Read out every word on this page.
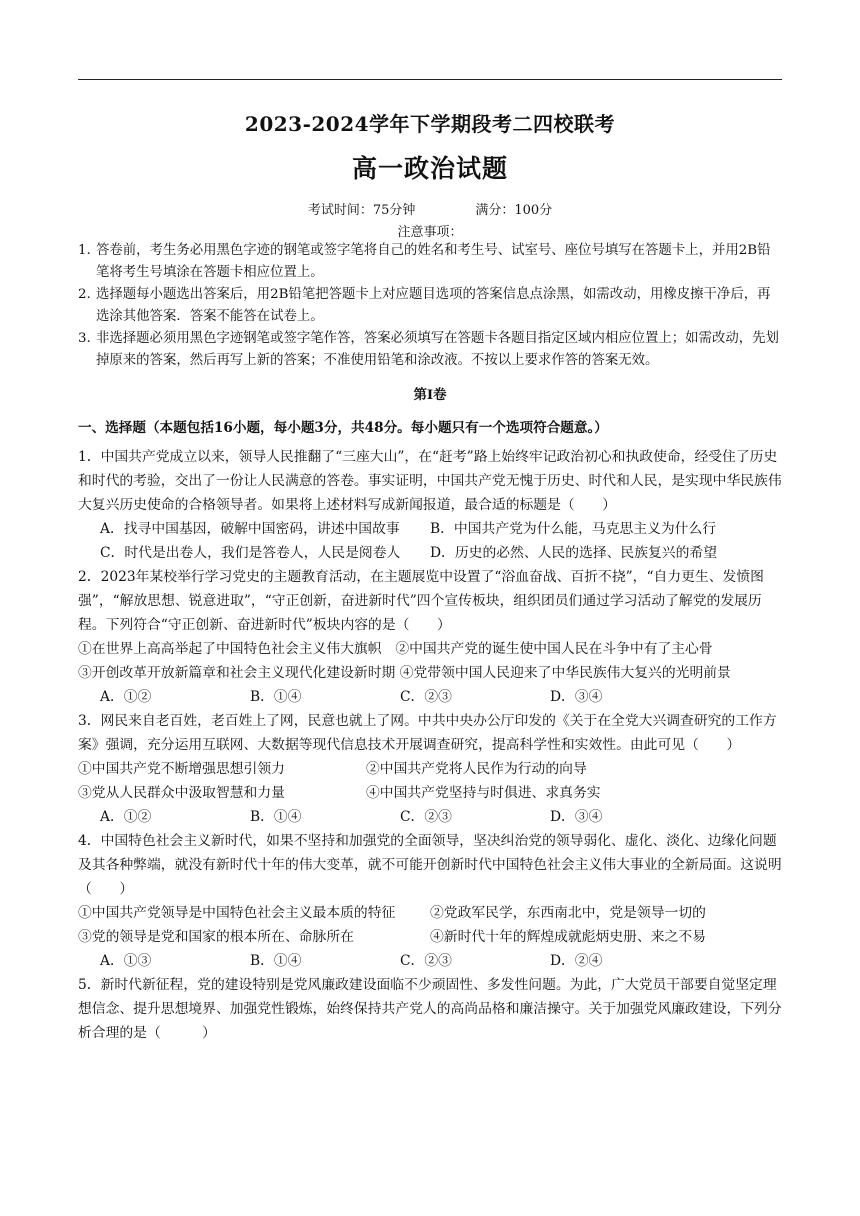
2023-2024学年下学期段考二四校联考
高一政治试题
考试时间：75分钟	满分：100分
注意事项：
1. 答卷前，考生务必用黑色字迹的钢笔或签字笔将自己的姓名和考生号、试室号、座位号填写在答题卡上，并用2B铅笔将考生号填涂在答题卡相应位置上。
2. 选择题每小题选出答案后，用2B铅笔把答题卡上对应题目选项的答案信息点涂黑，如需改动，用橡皮擦干净后，再选涂其他答案．答案不能答在试卷上。
3. 非选择题必须用黑色字迹钢笔或签字笔作答，答案必须填写在答题卡各题目指定区域内相应位置上；如需改动，先划掉原来的答案，然后再写上新的答案；不准使用铅笔和涂改液。不按以上要求作答的答案无效。
第Ⅰ卷
一、选择题（本题包括16小题，每小题3分，共48分。每小题只有一个选项符合题意。）
1．中国共产党成立以来，领导人民推翻了“三座大山”，在“赶考”路上始终牢记政治初心和执政使命，经受住了历史和时代的考验，交出了一份让人民满意的答卷。事实证明，中国共产党无愧于历史、时代和人民，是实现中华民族伟大复兴历史使命的合格领导者。如果将上述材料写成新闻报道，最合适的标题是（　　）
A．找寻中国基因，破解中国密码，讲述中国故事	B．中国共产党为什么能，马克思主义为什么行
C．时代是出卷人，我们是答卷人，人民是阅卷人	D．历史的必然、人民的选择、民族复兴的希望
2．2023年某校举行学习党史的主题教育活动，在主题展览中设置了“浴血奋战、百折不挠”，“自力更生、发愤图强”，“解放思想、锐意进取”，“守正创新，奋进新时代”四个宣传板块，组织团员们通过学习活动了解党的发展历程。下列符合“守正创新、奋进新时代”板块内容的是（　　）
①在世界上高高举起了中国特色社会主义伟大旗帜　②中国共产党的诞生使中国人民在斗争中有了主心骨
③开创改革开放新篇章和社会主义现代化建设新时期 ④党带领中国人民迎来了中华民族伟大复兴的光明前景
A．①②	B．①④	C．②③	D．③④
3．网民来自老百姓，老百姓上了网，民意也就上了网。中共中央办公厅印发的《关于在全党大兴调查研究的工作方案》强调，充分运用互联网、大数据等现代信息技术开展调查研究，提高科学性和实效性。由此可见（　　）
①中国共产党不断增强思想引领力	②中国共产党将人民作为行动的向导
③党从人民群众中汲取智慧和力量	④中国共产党坚持与时俱进、求真务实
A．①②	B．①④	C．②③	D．③④
4．中国特色社会主义新时代，如果不坚持和加强党的全面领导，坚决纠治党的领导弱化、虚化、淡化、边缘化问题及其各种弊端，就没有新时代十年的伟大变革，就不可能开创新时代中国特色社会主义伟大事业的全新局面。这说明（　　）
①中国共产党领导是中国特色社会主义最本质的特征	②党政军民学，东西南北中，党是领导一切的
③党的领导是党和国家的根本所在、命脉所在	④新时代十年的辉煌成就彪炳史册、来之不易
A．①③	B．①④	C．②③	D．②④
5．新时代新征程，党的建设特别是党风廉政建设面临不少顽固性、多发性问题。为此，广大党员干部要自觉坚定理想信念、提升思想境界、加强党性锻炼，始终保持共产党人的高尚品格和廉洁操守。关于加强党风廉政建设，下列分析合理的是（　　　）
